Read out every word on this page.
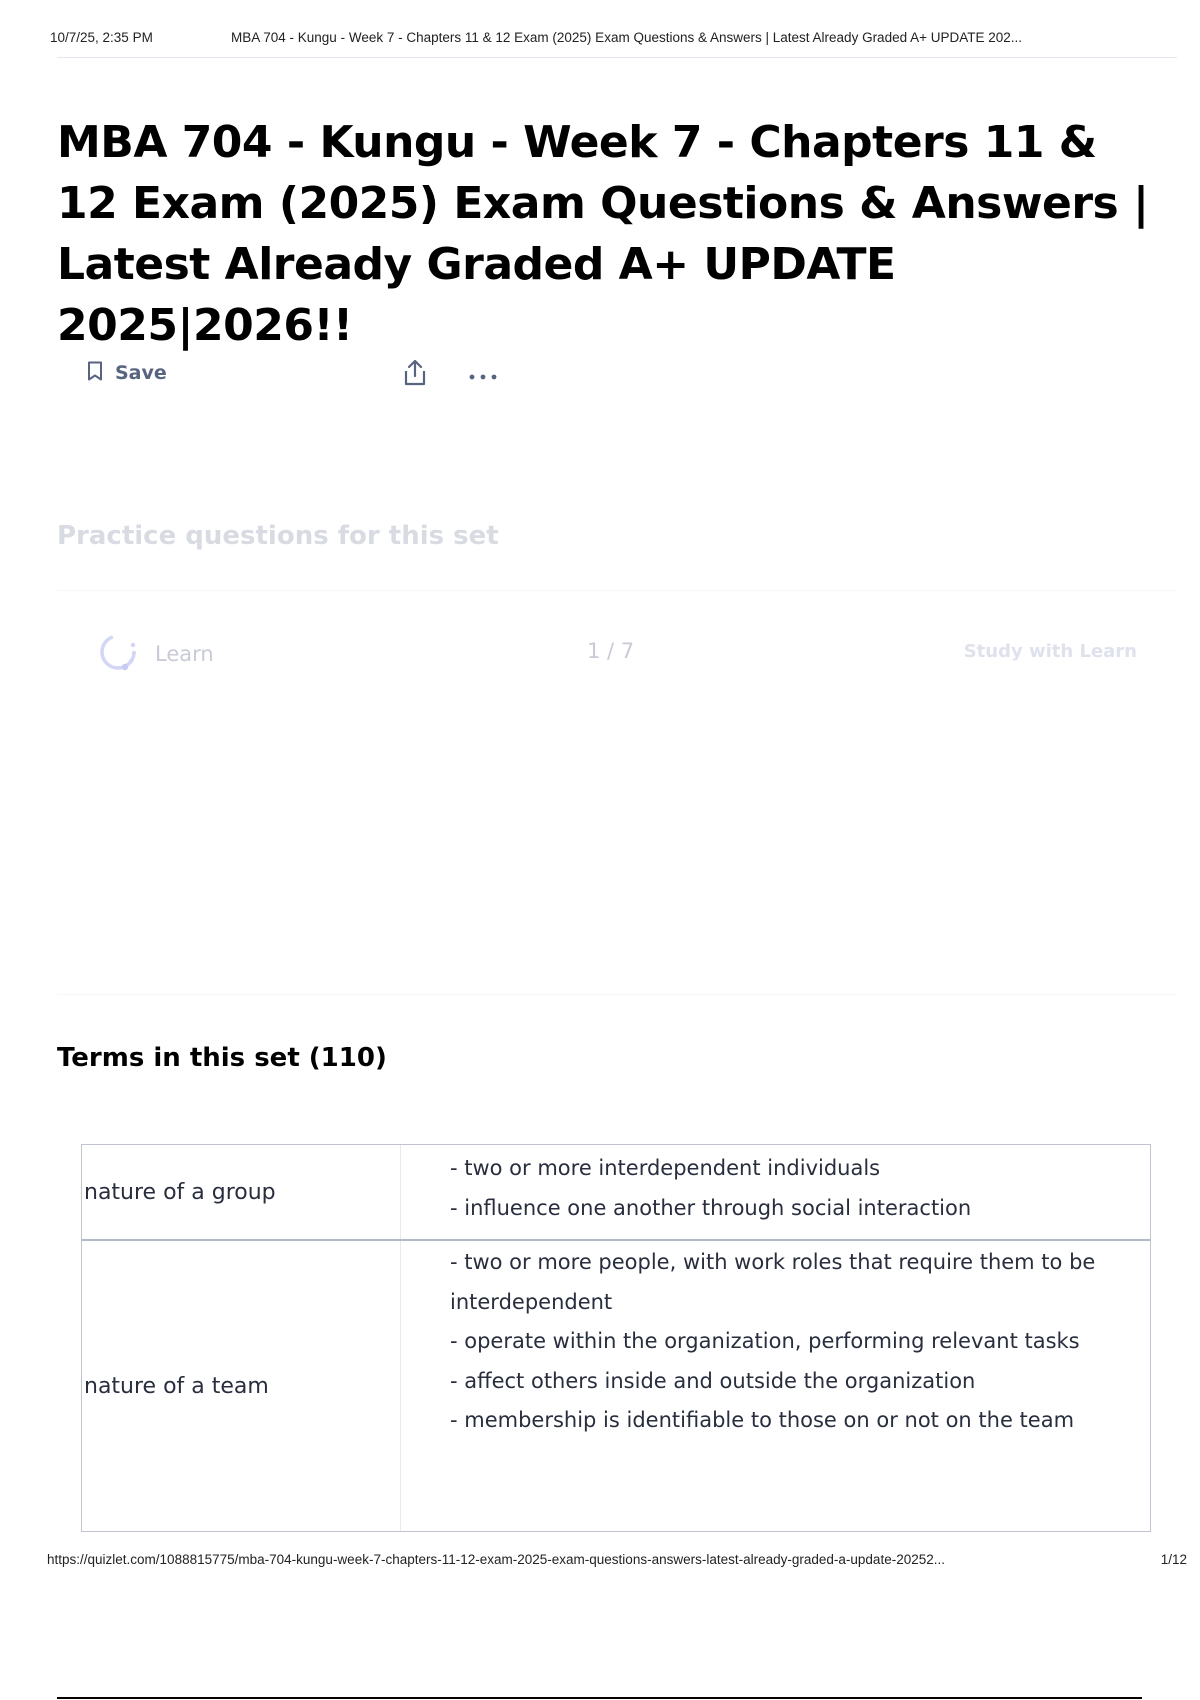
10/7/25, 2:35 PM	MBA 704 - Kungu - Week 7 - Chapters 11 & 12 Exam (2025) Exam Questions & Answers | Latest Already Graded A+ UPDATE 202...
MBA 704 - Kungu - Week 7 - Chapters 11 & 12 Exam (2025) Exam Questions & Answers | Latest Already Graded A+ UPDATE 2025|2026!!
Save
Practice questions for this set
Learn	1 / 7	Study with Learn
Terms in this set (110)
nature of a group
- two or more interdependent individuals
- influence one another through social interaction
nature of a team
- two or more people, with work roles that require them to be interdependent
- operate within the organization, performing relevant tasks
- affect others inside and outside the organization
- membership is identifiable to those on or not on the team
https://quizlet.com/1088815775/mba-704-kungu-week-7-chapters-11-12-exam-2025-exam-questions-answers-latest-already-graded-a-update-20252...	1/12
